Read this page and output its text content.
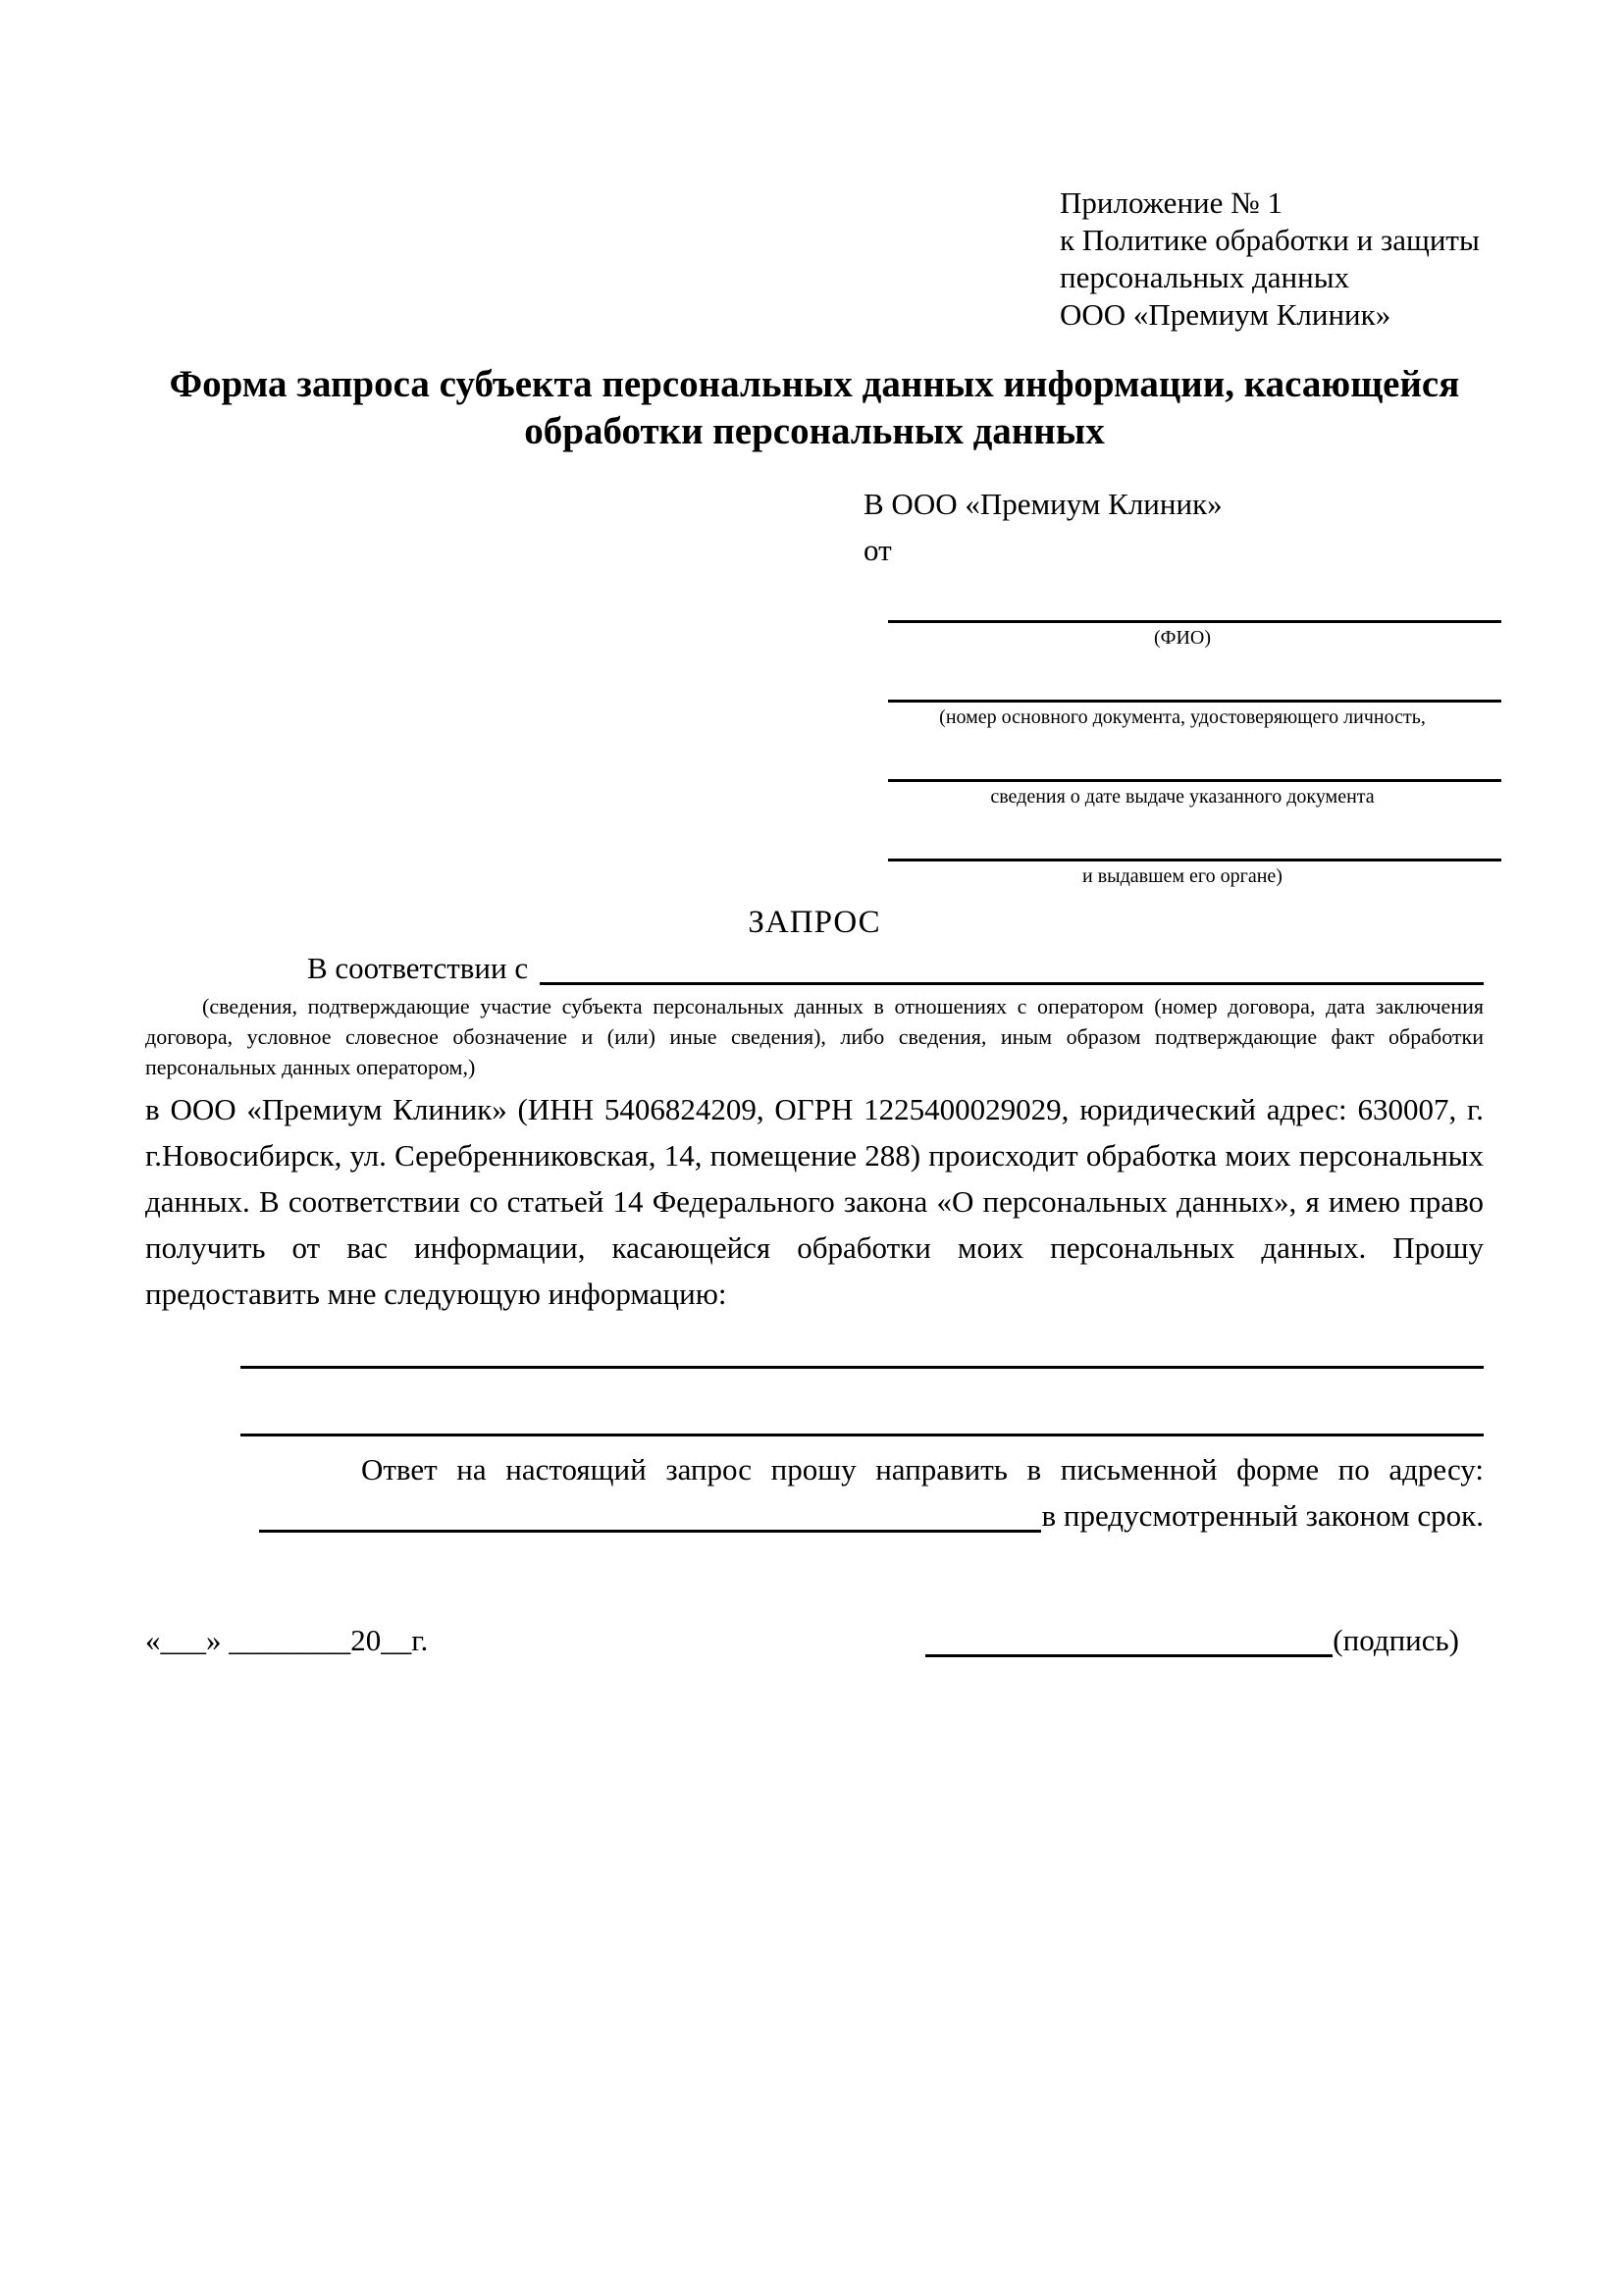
Приложение № 1
к Политике обработки и защиты
персональных данных
ООО «Премиум Клиник»
Форма запроса субъекта персональных данных информации, касающейся обработки персональных данных
В ООО «Премиум Клиник»
от
(ФИО)
(номер основного документа, удостоверяющего личность,
сведения о дате выдаче указанного документа
и выдавшем его органе)
ЗАПРОС
В соответствии с
(сведения, подтверждающие участие субъекта персональных данных в отношениях с оператором (номер договора, дата заключения договора, условное словесное обозначение и (или) иные сведения), либо сведения, иным образом подтверждающие факт обработки персональных данных оператором,)

в ООО «Премиум Клиник» (ИНН 5406824209, ОГРН 1225400029029, юридический адрес: 630007, г. г.Новосибирск, ул. Серебренниковская, 14, помещение 288) происходит обработка моих персональных данных. В соответствии со статьей 14 Федерального закона «О персональных данных», я имею право получить от вас информации, касающейся обработки моих персональных данных. Прошу предоставить мне следующую информацию:

Ответ на настоящий запрос прошу направить в письменной форме по адресу:

в предусмотренный законом срок.
«___» ________20__г.	(подпись)
